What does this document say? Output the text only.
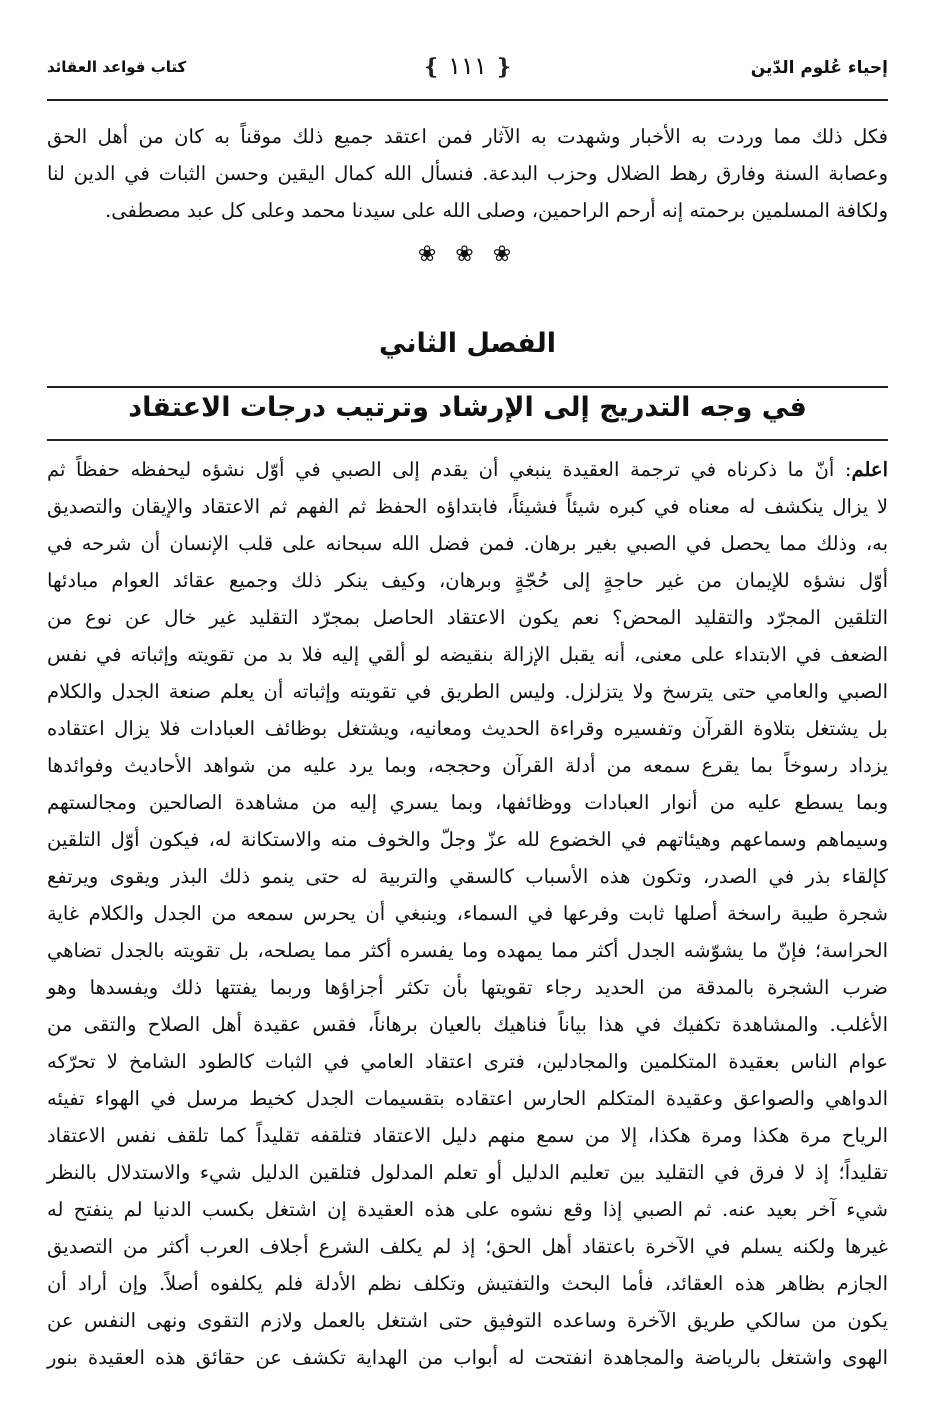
إحياء عُلوم الدّين
❴ ١١١ ❵
كتاب قواعد العقائد
فكل ذلك مما وردت به الأخبار وشهدت به الآثار فمن اعتقد جميع ذلك موقناً به كان من أهل الحق
وعصابة السنة وفارق رهط الضلال وحزب البدعة. فنسأل الله كمال اليقين وحسن الثبات في الدين لنا
ولكافة المسلمين برحمته إنه أرحم الراحمين، وصلى الله على سيدنا محمد وعلى كل عبد مصطفى.
❀ ❀ ❀
الفصل الثاني
في وجه التدريج إلى الإرشاد وترتيب درجات الاعتقاد
اعلم: أنّ ما ذكرناه في ترجمة العقيدة ينبغي أن يقدم إلى الصبي في أوّل نشؤه ليحفظه حفظاً ثم
لا يزال ينكشف له معناه في كبره شيئاً فشيئاً، فابتداؤه الحفظ ثم الفهم ثم الاعتقاد والإيقان والتصديق
به، وذلك مما يحصل في الصبي بغير برهان. فمن فضل الله سبحانه على قلب الإنسان أن شرحه في
أوّل نشؤه للإيمان من غير حاجةٍ إلى حُجّةٍ وبرهان، وكيف ينكر ذلك وجميع عقائد العوام مبادئها
التلقين المجرّد والتقليد المحض؟ نعم يكون الاعتقاد الحاصل بمجرّد التقليد غير خال عن نوع من
الضعف في الابتداء على معنى، أنه يقبل الإزالة بنقيضه لو ألقي إليه فلا بد من تقويته وإثباته في نفس
الصبي والعامي حتى يترسخ ولا يتزلزل. وليس الطريق في تقويته وإثباته أن يعلم صنعة الجدل والكلام
بل يشتغل بتلاوة القرآن وتفسيره وقراءة الحديث ومعانيه، ويشتغل بوظائف العبادات فلا يزال اعتقاده
يزداد رسوخاً بما يقرع سمعه من أدلة القرآن وحججه، وبما يرد عليه من شواهد الأحاديث وفوائدها
وبما يسطع عليه من أنوار العبادات ووظائفها، وبما يسري إليه من مشاهدة الصالحين ومجالستهم
وسيماهم وسماعهم وهيئاتهم في الخضوع لله عزّ وجلّ والخوف منه والاستكانة له، فيكون أوّل التلقين
كإلقاء بذر في الصدر، وتكون هذه الأسباب كالسقي والتربية له حتى ينمو ذلك البذر ويقوى ويرتفع
شجرة طيبة راسخة أصلها ثابت وفرعها في السماء، وينبغي أن يحرس سمعه من الجدل والكلام غاية
الحراسة؛ فإنّ ما يشوّشه الجدل أكثر مما يمهده وما يفسره أكثر مما يصلحه، بل تقويته بالجدل تضاهي
ضرب الشجرة بالمدقة من الحديد رجاء تقويتها بأن تكثر أجزاؤها وربما يفتتها ذلك ويفسدها وهو
الأغلب. والمشاهدة تكفيك في هذا بياناً فناهيك بالعيان برهاناً، فقس عقيدة أهل الصلاح والتقى من
عوام الناس بعقيدة المتكلمين والمجادلين، فترى اعتقاد العامي في الثبات كالطود الشامخ لا تحرّكه
الدواهي والصواعق وعقيدة المتكلم الحارس اعتقاده بتقسيمات الجدل كخيط مرسل في الهواء تفيئه
الرياح مرة هكذا ومرة هكذا، إلا من سمع منهم دليل الاعتقاد فتلقفه تقليداً كما تلقف نفس الاعتقاد
تقليداً؛ إذ لا فرق في التقليد بين تعليم الدليل أو تعلم المدلول فتلقين الدليل شيء والاستدلال بالنظر
شيء آخر بعيد عنه. ثم الصبي إذا وقع نشوه على هذه العقيدة إن اشتغل بكسب الدنيا لم ينفتح له
غيرها ولكنه يسلم في الآخرة باعتقاد أهل الحق؛ إذ لم يكلف الشرع أجلاف العرب أكثر من التصديق
الجازم بظاهر هذه العقائد، فأما البحث والتفتيش وتكلف نظم الأدلة فلم يكلفوه أصلاً. وإن أراد أن
يكون من سالكي طريق الآخرة وساعده التوفيق حتى اشتغل بالعمل ولازم التقوى ونهى النفس عن
الهوى واشتغل بالرياضة والمجاهدة انفتحت له أبواب من الهداية تكشف عن حقائق هذه العقيدة بنور
